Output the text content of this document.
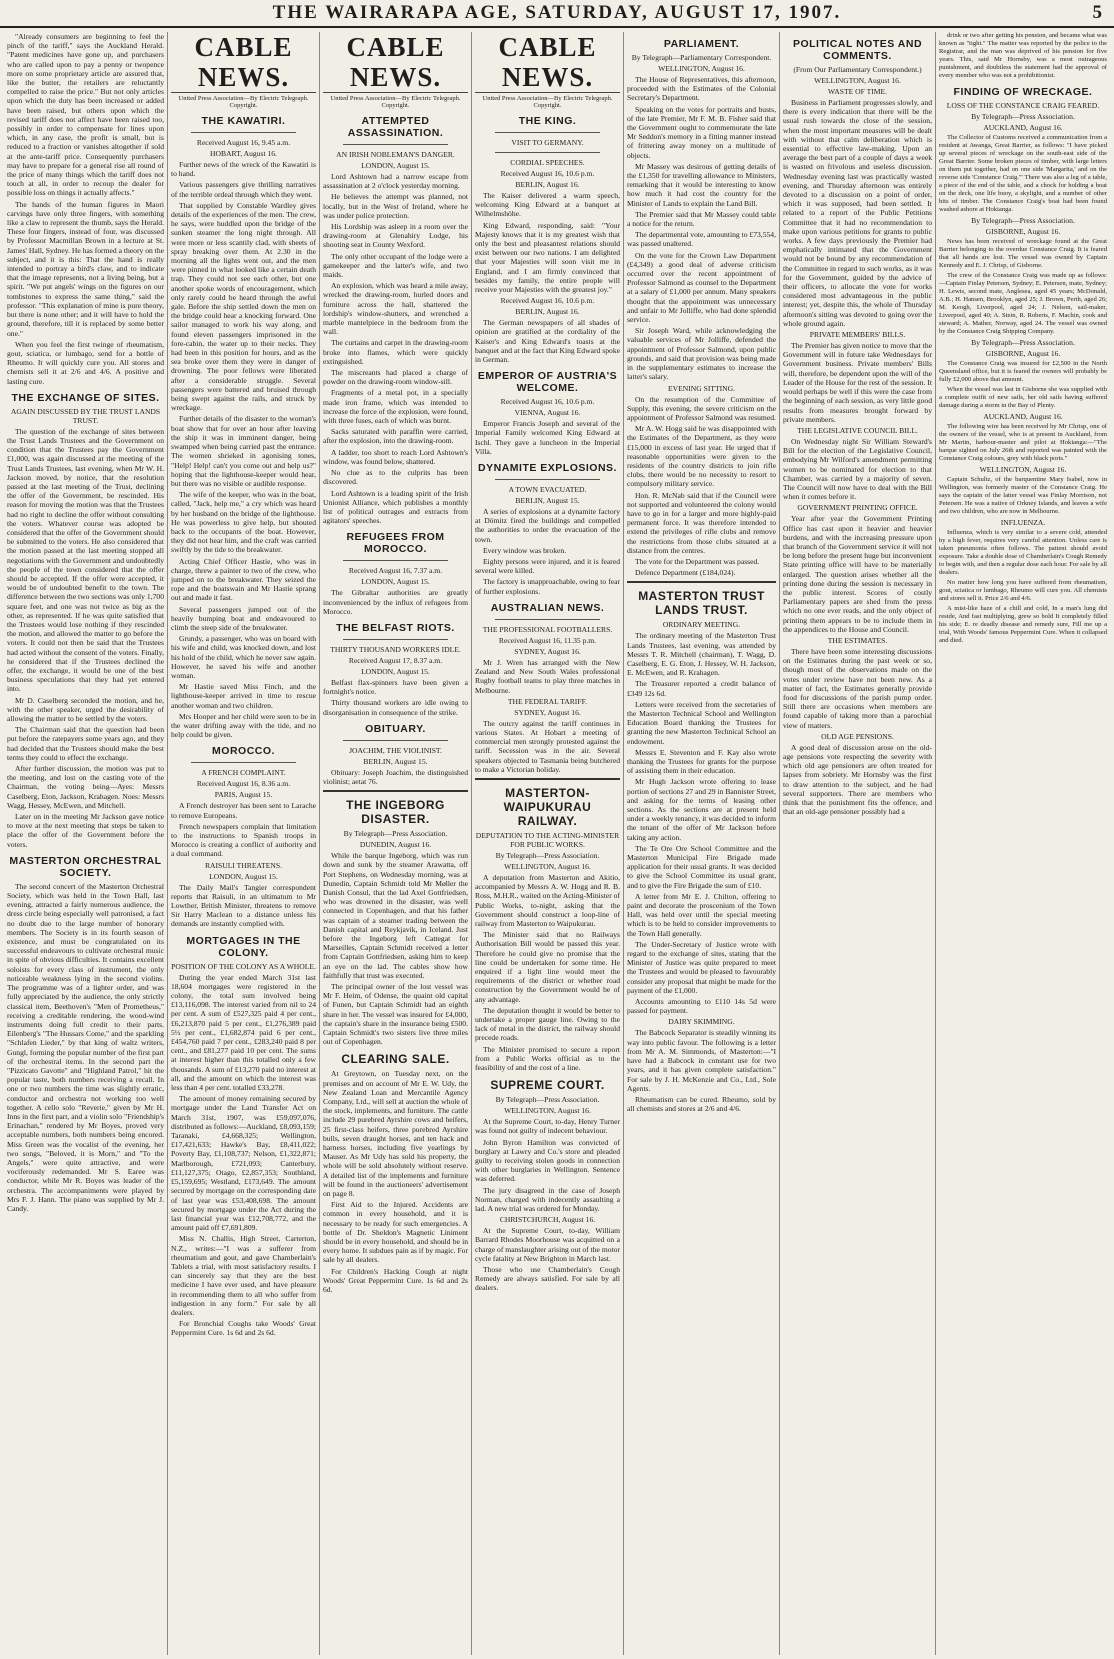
THE WAIRARAPA AGE, SATURDAY, AUGUST 17, 1907.	5

"Already consumers are beginning to feel the pinch of the tariff," says the Auckland Herald. "Patent medicines have gone up, and purchasers who are called upon to pay a penny or twopence more on some proprietary article are assured that, like the butter, the retailers are reluctantly compelled to raise the price." But not only articles upon which the duty has been increased or added have been raised, but others upon which the revised tariff does not affect have been raised too, possibly in order to compensate for lines upon which, in any case, the profit is small, but is reduced to a fraction or vanishes altogether if sold at the ante-tariff price. Consequently purchasers may have to prepare for a general rise all round of the price of many things which the tariff does not touch at all, in order to recoup the dealer for possible loss on things it actually affects."

The hands of the human figures in Maori carvings have only three fingers, with something like a claw to represent the thumb, says the Herald. These four fingers, instead of four, was discussed by Professor Macmillan Brown in a lecture at St. James' Hall, Sydney. He has formed a theory on the subject, and it is this: That the hand is really intended to portray a bird's claw, and to indicate that the image represents, not a living being, but a spirit. "We put angels' wings on the figures on our tombstones to express the same thing," said the professor. "This explanation of mine is pure theory, but there is none other; and it will have to hold the ground, therefore, till it is replaced by some better one."

When you feel the first twinge of rheumatism, gout, sciatica, or lumbago, send for a bottle of Rheumo. It will quickly cure you. All stores and chemists sell it at 2/6 and 4/6. A positive and lasting cure.

THE EXCHANGE OF SITES.
AGAIN DISCUSSED BY THE TRUST LANDS TRUST.

The question of the exchange of sites between the Trust Lands Trustees and the Government on condition that the Trustees pay the Government £1,000, was again discussed at the meeting of the Trust Lands Trustees, last evening, when Mr W. H. Jackson moved, by notice, that the resolution passed at the last meeting of the Trust, declining the offer of the Government, be rescinded. His reason for moving the motion was that the Trustees had no right to decline the offer without consulting the voters. Whatever course was adopted be considered that the offer of the Government should be submitted to the voters. He also considered that the motion passed at the last meeting stopped all negotiations with the Government and undoubtedly the people of the town considered that the offer should be accepted. If the offer were accepted, it would be of undoubted benefit to the town. The difference between the two sections was only 1,700 square feet, and one was not twice as big as the other, as represented. If he was quite satisfied that the Trustees would lose nothing if they rescinded the motion, and allowed the matter to go before the voters. It could not then be said that the Trustees had acted without the consent of the voters. Finally, he considered that if the Trustees declined the offer, the exchange, it would be one of the best business speculations that they had yet entered into.

Mr D. Caselberg seconded the motion, and he, with the other speaker, urged the desirability of allowing the matter to be settled by the voters.

The Chairman said that the question had been put before the ratepayers some years ago, and they had decided that the Trustees should make the best terms they could to effect the exchange.

After further discussion, the motion was put to the meeting, and lost on the casting vote of the Chairman, the voting being—Ayes: Messrs Caselberg, Eton, Jackson, Krahagen. Noes: Messrs Wagg, Hessey, McEwen, and Mitchell.

Later on in the meeting Mr Jackson gave notice to move at the next meeting that steps be taken to place the offer of the Government before the voters.

MASTERTON ORCHESTRAL SOCIETY.

The second concert of the Masterton Orchestral Society, which was held in the Town Hall, last evening, attracted a fairly numerous audience, the dress circle being especially well patronised, a fact no doubt due to the large number of honorary members. The Society is in its fourth season of existence, and must be congratulated on its successful endeavours to cultivate orchestral music in spite of obvious difficulties. It contains excellent soloists for every class of instrument, the only noticeable weakness lying in the second violins. The programme was of a lighter order, and was fully appreciated by the audience, the only strictly classical item, Beethoven's "Men of Prometheus," receiving a creditable rendering, the wood-wind instruments doing full credit to their parts. Eilenberg's "The Hussars Come," and the sparkling "Schlafen Lieder," by that king of waltz writers, Gungl, forming the popular number of the first part of the orchestral items. In the second part the "Pizzicato Gavotte" and "Highland Patrol," hit the popular taste, both numbers receiving a recall. In one or two numbers the time was slightly erratic, conductor and orchestra not working too well together. A cello solo "Reverie," given by Mr H. Inns in the first part, and a violin solo "Friendship's Erinachan," rendered by Mr Boyes, proved very acceptable numbers, both numbers being encored. Miss Green was the vocalist of the evening, her two songs, "Beloved, it is Morn," and "To the Angels," were quite attractive, and were vociferously redemanded. Mr S. Earee was conductor, while Mr R. Boyes was leader of the orchestra. The accompaniments were played by Mrs F. J. Hann. The piano was supplied by Mr J. Candy.

CABLE NEWS.
United Press Association—By Electric Telegraph. Copyright.
THE KAWATIRI.
Received August 16, 9.45 a.m.
HOBART, August 16.

Further news of the wreck of the Kawatiri is to hand.

Various passengers give thrilling narratives of the terrible ordeal through which they went.

That supplied by Constable Wardley gives details of the experiences of the men. The crew, he says, were huddled upon the bridge of the sunken steamer the long night through. All were more or less scantily clad, with sheets of spray breaking over them. At 2.30 in the morning all the lights went out, and the men were pinned in what looked like a certain death trap. They could not see each other, but one another spoke words of encouragement, which only rarely could be heard through the awful gale. Before the ship settled down the men on the bridge could hear a knocking forward. One sailor managed to work his way along, and found eleven passengers imprisoned in the fore-cabin, the water up to their necks. They had been in this position for hours, and as the sea broke over them they were in danger of drowning. The poor fellows were liberated after a considerable struggle. Several passengers were battered and bruised through being swept against the rails, and struck by wreckage.

Further details of the disaster to the woman's boat show that for over an hour after leaving the ship it was in imminent danger, being swamped when being carried past the entrance. The women shrieked in agonising tones, "Help! Help! can't you come out and help us?" hoping that the lighthouse-keeper would hear, but there was no visible or audible response.

The wife of the keeper, who was in the boat, called, "Jack, help me," a cry which was heard by her husband on the bridge of the lighthouse. He was powerless to give help, but shouted back to the occupants of the boat. However, they did not hear him, and the craft was carried swiftly by the tide to the breakwater.

Acting Chief Officer Hastie, who was in charge, threw a painter to two of the crew, who jumped on to the breakwater. They seized the rope and the boatswain and Mr Hastie sprang out and made it fast.

Several passengers jumped out of the heavily bumping boat and endeavoured to climb the steep side of the breakwater.

Grundy, a passenger, who was on board with his wife and child, was knocked down, and lost his hold of the child, which he never saw again. However, he saved his wife and another woman.

Mr Hastie saved Miss Finch, and the lighthouse-keeper arrived in time to rescue another woman and two children.

Mrs Hooper and her child were seen to be in the water drifting away with the tide, and no help could be given.

MOROCCO.
A FRENCH COMPLAINT.
Received August 16, 8.36 a.m.
PARIS, August 15.

A French destroyer has been sent to Larache to remove Europeans.

French newspapers complain that limitation to the instructions to Spanish troops in Morocco is creating a conflict of authority and a dual command.

RAISULI THREATENS.
LONDON, August 15.

The Daily Mail's Tangier correspondent reports that Raisuli, in an ultimatum to Mr Lowther, British Minister, threatens to remove Sir Harry Maclean to a distance unless his demands are instantly complied with.

MORTGAGES IN THE COLONY.
POSITION OF THE COLONY AS A WHOLE.

During the year ended March 31st last 18,604 mortgages were registered in the colony, the total sum involved being £13,116,098. The interest varied from nil to 24 per cent. A sum of £527,325 paid 4 per cent., £6,213,870 paid 5 per cent., £1,276,389 paid 5½ per cent., £1,682,874 paid 6 per cent., £454,760 paid 7 per cent., £283,240 paid 8 per cent., and £81,277 paid 10 per cent. The sums at interest higher than this totalled only a few thousands. A sum of £13,270 paid no interest at all, and the amount on which the interest was less than 4 per cent. totalled £33,278.

The amount of money remaining secured by mortgage under the Land Transfer Act on March 31st, 1907, was £59,097,076, distributed as follows:—Auckland, £8,093,159; Taranaki, £4,668,325; Wellington, £17,421,633; Hawke's Bay, £8,411,022; Poverty Bay, £1,108,737; Nelson, £1,322,871; Marlborough, £721,093; Canterbury, £11,127,375; Otago, £2,857,353; Southland, £5,159,695; Westland, £173,649. The amount secured by mortgage on the corresponding date of last year was £53,408,698. The amount secured by mortgage under the Act during the last financial year was £12,708,772, and the amount paid off £7,691,809.

Miss N. Challis, High Street, Carterton, N.Z., writes:—"I was a sufferer from rheumatism and gout, and gave Chamberlain's Tablets a trial, with most satisfactory results. I can sincerely say that they are the best medicine I have ever used, and have pleasure in recommending them to all who suffer from indigestion in any form." For sale by all dealers.

For Bronchial Coughs take Woods' Great Peppermint Cure. 1s 6d and 2s 6d.

CABLE NEWS.
United Press Association—By Electric Telegraph. Copyright.
ATTEMPTED ASSASSINATION.
AN IRISH NOBLEMAN'S DANGER.
LONDON, August 15.

Lord Ashtown had a narrow escape from assassination at 2 o'clock yesterday morning.

He believes the attempt was planned, not locally, but in the West of Ireland, where he was under police protection.

His Lordship was asleep in a room over the drawing-room at Glenahiry Lodge, his shooting seat in County Wexford.

The only other occupant of the lodge were a gamekeeper and the latter's wife, and two maids.

An explosion, which was heard a mile away, wrecked the drawing-room, hurled doors and furniture across the hall, shattered the lordship's window-shutters, and wrenched a marble mantelpiece in the bedroom from the wall.

The curtains and carpet in the drawing-room broke into flames, which were quickly extinguished.

The miscreants had placed a charge of powder on the drawing-room window-sill.

Fragments of a metal pot, in a specially made iron frame, which was intended to increase the force of the explosion, were found, with three fuses, each of which was burnt.

Sacks saturated with paraffin were carried, after the explosion, into the drawing-room.

A ladder, too short to reach Lord Ashtown's window, was found below, shattered.

No clue as to the culprits has been discovered.

Lord Ashtown is a leading spirit of the Irish Unionist Alliance, which publishes a monthly list of political outrages and extracts from agitators' speeches.

REFUGEES FROM MOROCCO.
Received August 16, 7.37 a.m.
LONDON, August 15.

The Gibraltar authorities are greatly inconvenienced by the influx of refugees from Morocco.

THE BELFAST RIOTS.
THIRTY THOUSAND WORKERS IDLE.
Received August 17, 8.37 a.m.
LONDON, August 15.

Belfast flax-spinners have been given a fortnight's notice.

Thirty thousand workers are idle owing to disorganisation in consequence of the strike.

OBITUARY.
JOACHIM, THE VIOLINIST.
BERLIN, August 15.

Obituary: Joseph Joachim, the distinguished violinist; aetat 76.

THE INGEBORG DISASTER.
By Telegraph—Press Association.
DUNEDIN, August 16.

While the barque Ingeborg, which was run down and sunk by the steamer Arawatta, off Port Stephens, on Wednesday morning, was at Dunedin, Captain Schmidt told Mr Møller the Danish Consul, that the lad Axel Gottfriedsen, who was drowned in the disaster, was well connected in Copenhagen, and that his father was captain of a steamer trading between the Danish capital and Reykjavik, in Iceland. Just before the Ingeborg left Cattegat for Marseilles, Captain Schmidt received a letter from Captain Gottfriedsen, asking him to keep an eye on the lad. The cables show how faithfully that trust was executed.

The principal owner of the lost vessel was Mr F. Heim, of Odense, the quaint old capital of Funen, but Captain Schmidt had an eighth share in her. The vessel was insured for £4,000, the captain's share in the insurance being £500. Captain Schmidt's two sisters live three miles out of Copenhagen.

CLEARING SALE.

At Greytown, on Tuesday next, on the premises and on account of Mr E. W. Udy, the New Zealand Loan and Mercantile Agency Company, Ltd., will sell at auction the whole of the stock, implements, and furniture. The cattle include 29 purebred Ayrshire cows and heifers, 25 first-class heifers, three purebred Ayrshire bulls, seven draught horses, and ten hack and harness horses, including five yearlings by Mauser. As Mr Udy has sold his property, the whole will be sold absolutely without reserve. A detailed list of the implements and furniture will be found in the auctioneers' advertisement on page 8.

First Aid to the Injured. Accidents are common in every household, and it is necessary to be ready for such emergencies. A bottle of Dr. Sheldon's Magnetic Liniment should be in every household, and should be in every home. It subdues pain as if by magic. For sale by all dealers.

For Children's Hacking Cough at night Woods' Great Peppermint Cure. 1s 6d and 2s 6d.

CABLE NEWS.
United Press Association—By Electric Telegraph. Copyright.
THE KING.
VISIT TO GERMANY.
CORDIAL SPEECHES.
Received August 16, 10.6 p.m.
BERLIN, August 16.

The Kaiser delivered a warm speech, welcoming King Edward at a banquet at Wilhelmshöhe.

King Edward, responding, said: "Your Majesty knows that it is my greatest wish that only the best and pleasantest relations should exist between our two nations. I am delighted that your Majesties will soon visit me in England, and I am firmly convinced that besides my family, the entire people will receive your Majesties with the greatest joy."

Received August 16, 10.6 p.m.
BERLIN, August 16.

The German newspapers of all shades of opinion are gratified at the cordiality of the Kaiser's and King Edward's toasts at the banquet and at the fact that King Edward spoke in German.

EMPEROR OF AUSTRIA'S WELCOME.
Received August 16, 10.6 p.m.
VIENNA, August 16.

Emperor Francis Joseph and several of the Imperial Family welcomed King Edward at Ischl. They gave a luncheon in the Imperial Villa.

DYNAMITE EXPLOSIONS.
A TOWN EVACUATED.
BERLIN, August 15.

A series of explosions at a dynamite factory at Dömitz fired the buildings and compelled the authorities to order the evacuation of the town.

Every window was broken.

Eighty persons were injured, and it is feared several were killed.

The factory is unapproachable, owing to fear of further explosions.

AUSTRALIAN NEWS.
THE PROFESSIONAL FOOTBALLERS.
Received August 16, 11.35 p.m.
SYDNEY, August 16.

Mr J. Wren has arranged with the New Zealand and New South Wales professional Rugby football teams to play three matches in Melbourne.

THE FEDERAL TARIFF.
SYDNEY, August 16.

The outcry against the tariff continues in various States. At Hobart a meeting of commercial men strongly protested against the tariff. Secession was in the air. Several speakers objected to Tasmania being butchered to make a Victorian holiday.

MASTERTON-WAIPUKURAU RAILWAY.
DEPUTATION TO THE ACTING-MINISTER FOR PUBLIC WORKS.
By Telegraph—Press Association.
WELLINGTON, August 16.

A deputation from Masterton and Akitio, accompanied by Messrs A. W. Hogg and R. B. Ross, M.H.R., waited on the Acting-Minister of Public Works, to-night, asking that the Government should construct a loop-line of railway from Masterton to Waipukurau.

The Minister said that no Railways Authorisation Bill would be passed this year. Therefore he could give no promise that the line could be undertaken for some time. He enquired if a light line would meet the requirements of the district or whether road construction by the Government would be of any advantage.

The deputation thought it would be better to undertake a proper gauge line. Owing to the lack of metal in the district, the railway should precede roads.

The Minister promised to secure a report from a Public Works official as to the feasibility of and the cost of a line.

SUPREME COURT.
By Telegraph—Press Association.
WELLINGTON, August 16.

At the Supreme Court, to-day, Henry Turner was found not guilty of indecent behaviour.

John Byron Hamilton was convicted of burglary at Lawry and Co.'s store and pleaded guilty to receiving stolen goods in connection with other burglaries in Wellington. Sentence was deferred.

The jury disagreed in the case of Joseph Norman, charged with indecently assaulting a lad. A new trial was ordered for Monday.

CHRISTCHURCH, August 16.

At the Supreme Court, to-day, William Barrard Rhodes Moorhouse was acquitted on a charge of manslaughter arising out of the motor cycle fatality at New Brighton in March last.

Those who use Chamberlain's Cough Remedy are always satisfied. For sale by all dealers.

PARLIAMENT.
By Telegraph—Parliamentary Correspondent.
WELLINGTON, August 16.

The House of Representatives, this afternoon, proceeded with the Estimates of the Colonial Secretary's Department.

Speaking on the votes for portraits and busts, of the late Premier, Mr F. M. B. Fisher said that the Government ought to commemorate the late Mr Seddon's memory in a fitting manner instead of frittering away money on a multitude of objects.

Mr Massey was desirous of getting details of the £1,350 for travelling allowance to Ministers, remarking that it would be interesting to know how much it had cost the country for the Minister of Lands to explain the Land Bill.

The Premier said that Mr Massey could table a notice for the return.

The departmental vote, amounting to £73,554, was passed unaltered.

On the vote for the Crown Law Department (£4,349) a good deal of adverse criticism occurred over the recent appointment of Professor Salmond as counsel to the Department at a salary of £1,000 per annum. Many speakers thought that the appointment was unnecessary and unfair to Mr Jolliffe, who had done splendid service.

Sir Joseph Ward, while acknowledging the valuable services of Mr Jolliffe, defended the appointment of Professor Salmond, upon public grounds, and said that provision was being made in the supplementary estimates to increase the latter's salary.

EVENING SITTING.

On the resumption of the Committee of Supply, this evening, the severe criticism on the appointment of Professor Salmond was resumed.

Mr A. W. Hogg said he was disappointed with the Estimates of the Department, as they were £15,000 in excess of last year. He urged that if reasonable opportunities were given to the residents of the country districts to join rifle clubs, there would be no necessity to resort to compulsory military service.

Hon. R. McNab said that if the Council were not supported and volunteered the colony would have to go in for a larger and more highly-paid permanent force. It was therefore intended to extend the privileges of rifle clubs and remove the restrictions from those clubs situated at a distance from the centres.

The vote for the Department was passed.

Defence Department (£184,024).

MASTERTON TRUST LANDS TRUST.
ORDINARY MEETING.

The ordinary meeting of the Masterton Trust Lands Trustees, last evening, was attended by Messrs T. R. Mitchell (chairman), T. Wagg, D. Caselberg, E. G. Eton, J. Hessey, W. H. Jackson, E. McEwen, and R. Krahagen.

The Treasurer reported a credit balance of £349 12s 6d.

Letters were received from the secretaries of the Masterton Technical School and Wellington Education Board thanking the Trustees for granting the new Masterton Technical School an endowment.

Messrs E. Steventon and F. Kay also wrote thanking the Trustees for grants for the purpose of assisting them in their education.

Mr Hugh Jackson wrote offering to lease portion of sections 27 and 29 in Bannister Street, and asking for the terms of leasing other sections. As the sections are at present held under a weekly tenancy, it was decided to inform the tenant of the offer of Mr Jackson before taking any action.

The Te Ore Ore School Committee and the Masterton Municipal Fire Brigade made application for their usual grants. It was decided to give the School Committee its usual grant, and to give the Fire Brigade the sum of £10.

A letter from Mr E. J. Chilton, offering to paint and decorate the proscenium of the Town Hall, was held over until the special meeting which is to be held to consider improvements to the Town Hall generally.

The Under-Secretary of Justice wrote with regard to the exchange of sites, stating that the Minister of Justice was quite prepared to meet the Trustees and would be pleased to favourably consider any proposal that might be made for the payment of the £1,000.

Accounts amounting to £110 14s 5d were passed for payment.

DAIRY SKIMMING.

The Babcock Separator is steadily winning its way into public favour. The following is a letter from Mr A. M. Simmonds, of Masterton:—"I have had a Babcock in constant use for two years, and it has given complete satisfaction." For sale by J. H. McKenzie and Co., Ltd., Sole Agents.

Rheumatism can be cured. Rheumo, sold by all chemists and stores at 2/6 and 4/6.

POLITICAL NOTES AND COMMENTS.
(From Our Parliamentary Correspondent.)
WELLINGTON, August 16.
WASTE OF TIME.

Business in Parliament progresses slowly, and there is every indication that there will be the usual rush towards the close of the session, when the most important measures will be dealt with without that calm deliberation which is essential to effective law-making. Upon an average the best part of a couple of days a week is wasted on frivolous and useless discussion. Wednesday evening last was practically wasted evening, and Thursday afternoon was entirely devoted to a discussion on a point of order, which it was supposed, had been settled. It related to a report of the Public Petitions Committee that it had no recommendation to make upon various petitions for grants to public works. A few days previously the Premier had emphatically intimated that the Government would not be bound by any recommendation of the Committee in regard to such works, as it was for the Government, guided by the advice of their officers, to allocate the vote for works considered most advantageous in the public interest; yet, despite this, the whole of Thursday afternoon's sitting was devoted to going over the whole ground again.

PRIVATE MEMBERS' BILLS.

The Premier has given notice to move that the Government will in future take Wednesdays for Government business. Private members' Bills will, therefore, be dependent upon the will of the Leader of the House for the rest of the session. It would perhaps be well if this were the case from the beginning of each session, as very little good results from measures brought forward by private members.

THE LEGISLATIVE COUNCIL BILL.

On Wednesday night Sir William Steward's Bill for the election of the Legislative Council, embodying Mr Wilford's amendment permitting women to be nominated for election to that Chamber, was carried by a majority of seven. The Council will now have to deal with the Bill when it comes before it.

GOVERNMENT PRINTING OFFICE.

Year after year the Government Printing Office has cast upon it heavier and heavier burdens, and with the increasing pressure upon that branch of the Government service it will not be long before the present huge but inconvenient State printing office will have to be materially enlarged. The question arises whether all the printing done during the session is necessary in the public interest. Scores of costly Parliamentary papers are shed from the press which no one ever reads, and the only object of printing them appears to be to include them in the appendices to the House and Council.

THE ESTIMATES.

There have been some interesting discussions on the Estimates during the past week or so, though most of the observations made on the votes under review have not been new. As a matter of fact, the Estimates generally provide food for discussions of the parish pump order. Still there are occasions when members are found capable of taking more than a parochial view of matters.

OLD AGE PENSIONS.

A good deal of discussion arose on the old-age pensions vote respecting the severity with which old age pensioners are often treated for lapses from sobriety. Mr Hornsby was the first to draw attention to the subject, and he had several supporters. There are members who think that the punishment fits the offence, and that an old-age pensioner possibly had a

drink or two after getting his pension, and became what was known as "tight." The matter was reported by the police to the Registrar, and the man was deprived of his pension for five years. This, said Mr Hornsby, was a most outrageous punishment, and doubtless the statement had the approval of every member who was not a prohibitionist.

FINDING OF WRECKAGE.
LOSS OF THE CONSTANCE CRAIG FEARED.
By Telegraph—Press Association.
AUCKLAND, August 16.

The Collector of Customs received a communication from a resident at Awanga, Great Barrier, as follows: "I have picked up several pieces of wreckage on the south-east side of the Great Barrier. Some broken pieces of timber, with large letters on them put together, had on one side 'Margarita,' and on the reverse side 'Constance Craig.'" There was also a leg of a table, a piece of the end of the table, and a chock for holding a boat on the deck, one life buoy, a skylight, and a number of other bits of timber. The Constance Craig's boat had been found washed ashore at Hokianga.

By Telegraph—Press Association.
GISBORNE, August 16.

News has been received of wreckage found at the Great Barrier belonging to the overdue Constance Craig. It is feared that all hands are lost. The vessel was owned by Captain Kennedy and E. J. Chrisp, of Gisborne.

The crew of the Constance Craig was made up as follows:—Captain Finlay Petersen, Sydney; E. Petersen, mate, Sydney; H. Lewis, second mate, Anglesea, aged 45 years; McDonald, A.B.; H. Hansen, Brooklyn, aged 25; J. Brown, Perth, aged 26; M. Keogh, Liverpool, aged 24; J. Nelson, sail-maker, Liverpool, aged 40; A. Stein, R. Roberts, F. Machin, cook and steward; A. Mather, Norway, aged 24. The vessel was owned by the Constance Craig Shipping Company.

By Telegraph—Press Association.
GISBORNE, August 16.

The Constance Craig was insured for £2,500 in the North Queensland office, but it is feared the owners will probably be fully £2,000 above that amount.

When the vessel was last in Gisborne she was supplied with a complete outfit of new sails, her old sails having suffered damage during a storm in the Bay of Plenty.

AUCKLAND, August 16.

The following wire has been received by Mr Chrisp, one of the owners of the vessel, who is at present in Auckland, from Mr Martin, harbour-master and pilot at Hokianga:—"The barque sighted on July 26th and reported was painted with the Constance Craig colours, grey with black ports."

WELLINGTON, August 16.

Captain Schultz, of the barquentine Mary Isabel, now in Wellington, was formerly master of the Constance Craig. He says the captain of the latter vessel was Finlay Morrison, not Petersen. He was a native of Orkney Islands, and leaves a wife and two children, who are now in Melbourne.

INFLUENZA.

Influenza, which is very similar to a severe cold, attended by a high fever, requires very careful attention. Unless care is taken pneumonia often follows. The patient should avoid exposure. Take a double dose of Chamberlain's Cough Remedy to begin with, and then a regular dose each hour. For sale by all dealers.

No matter how long you have suffered from rheumatism, gout, sciatica or lumbago, Rheumo will cure you. All chemists and stores sell it. Price 2/6 and 4/6.

A mist-like haze of a chill and cold, In a man's lung did reside, And fast multiplying, grew so bold It completely filled his side; E. re deadly disease and remedy sure, Fill me up a trial, With Woods' famous Peppermint Cure. When it collapsed and died.
